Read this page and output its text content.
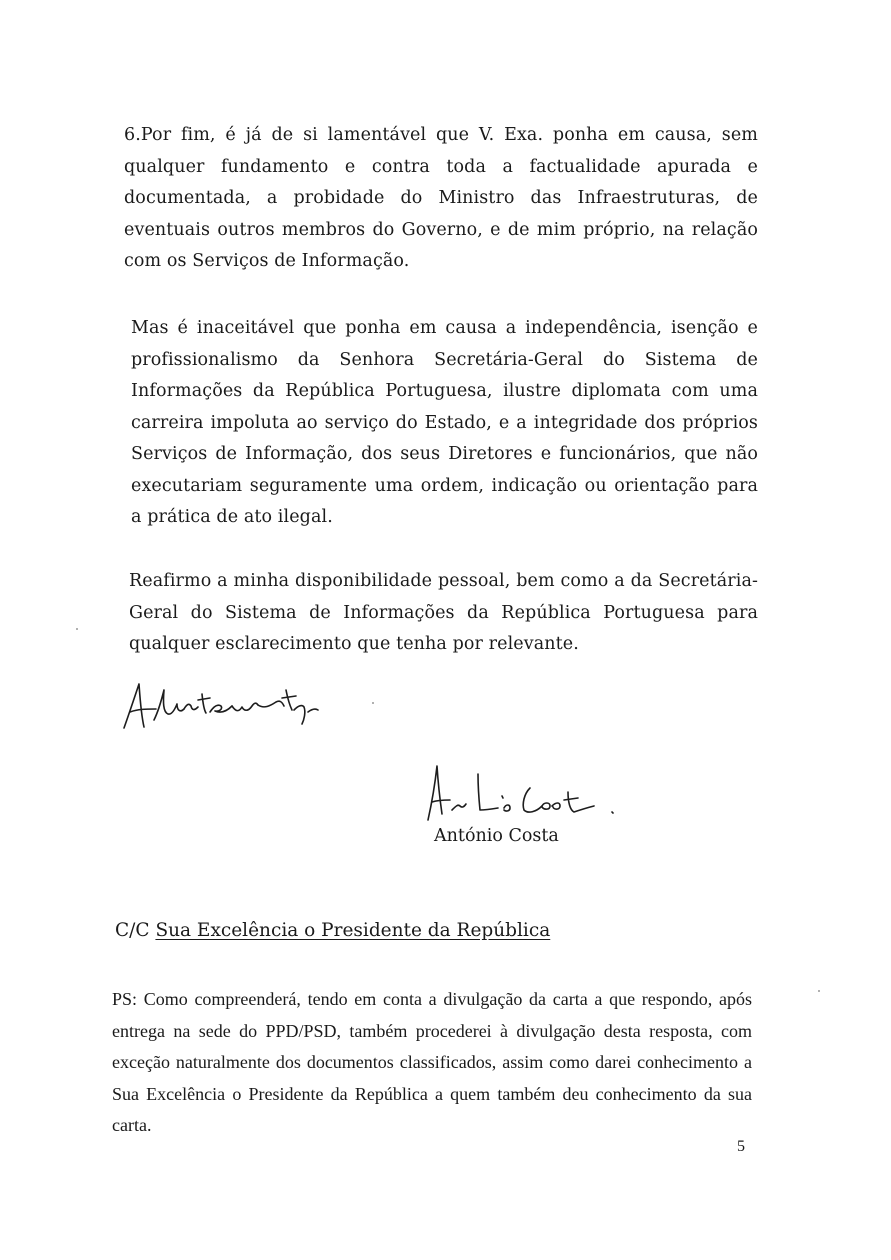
6.Por fim, é já de si lamentável que V. Exa. ponha em causa, sem qualquer fundamento e contra toda a factualidade apurada e documentada, a probidade do Ministro das Infraestruturas, de eventuais outros membros do Governo, e de mim próprio, na relação com os Serviços de Informação.

Mas é inaceitável que ponha em causa a independência, isenção e profissionalismo da Senhora Secretária-Geral do Sistema de Informações da República Portuguesa, ilustre diplomata com uma carreira impoluta ao serviço do Estado, e a integridade dos próprios Serviços de Informação, dos seus Diretores e funcionários, que não executariam seguramente uma ordem, indicação ou orientação para a prática de ato ilegal.

Reafirmo a minha disponibilidade pessoal, bem como a da Secretária-Geral do Sistema de Informações da República Portuguesa para qualquer esclarecimento que tenha por relevante.

António Costa
C/C Sua Excelência o Presidente da República

PS: Como compreenderá, tendo em conta a divulgação da carta a que respondo, após entrega na sede do PPD/PSD, também procederei à divulgação desta resposta, com exceção naturalmente dos documentos classificados, assim como darei conhecimento a Sua Excelência o Presidente da República a quem também deu conhecimento da sua carta.

5
